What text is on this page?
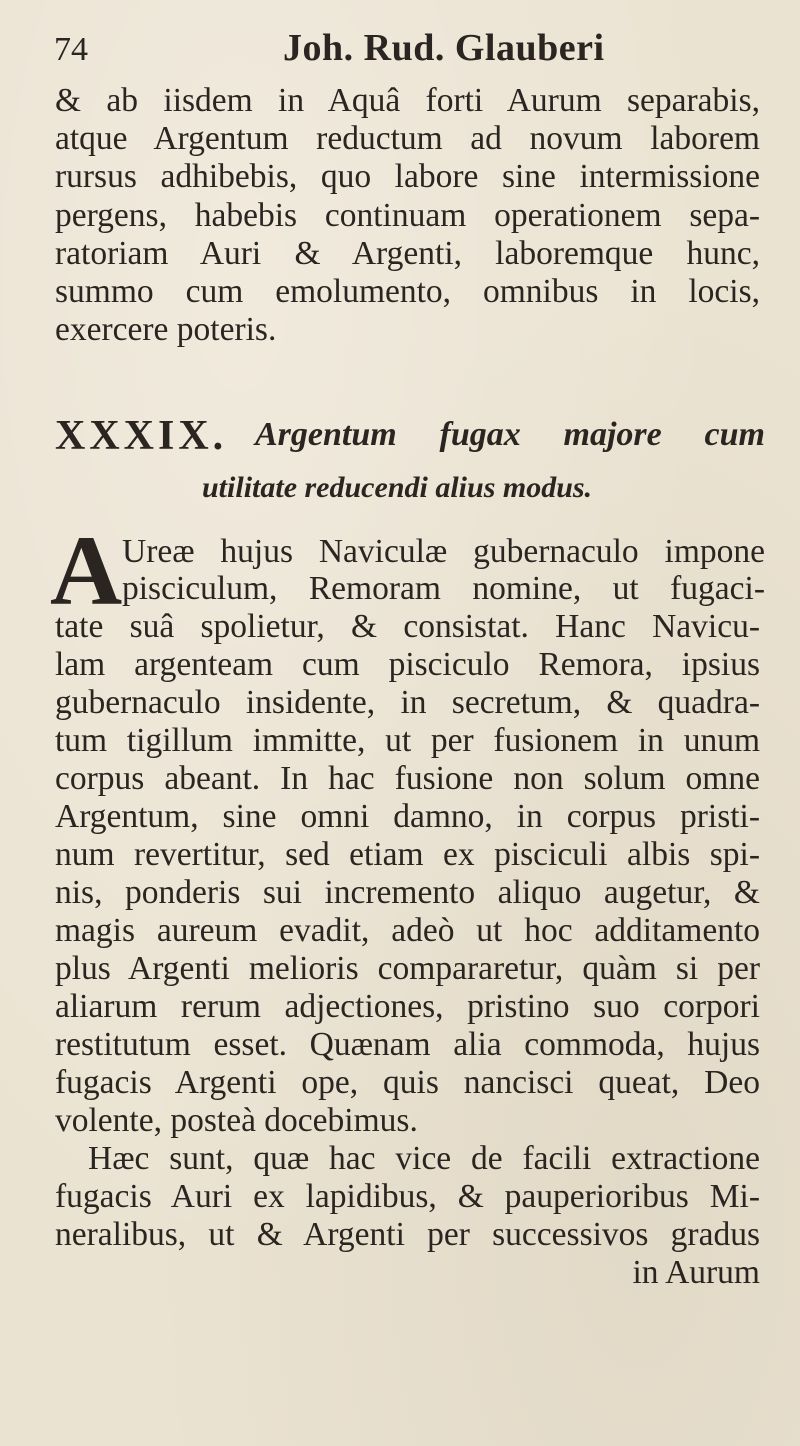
74	Joh. Rud. Glauberi
& ab iisdem in Aquâ forti Aurum separabis,
atque Argentum reductum ad novum laborem
rursus adhibebis, quo labore sine intermissione
pergens, habebis continuam operationem sepa-
ratoriam Auri & Argenti, laboremque hunc,
summo cum emolumento, omnibus in locis,
exercere poteris.
XXXIX. Argentum fugax majore cum
utilitate reducendi alius modus.
A Ureæ hujus Naviculæ gubernaculo impone
pisciculum, Remoram nomine, ut fugaci-
tate suâ spolietur, & consistat. Hanc Navicu-
lam argenteam cum pisciculo Remora, ipsius
gubernaculo insidente, in secretum, & quadra-
tum tigillum immitte, ut per fusionem in unum
corpus abeant. In hac fusione non solum omne
Argentum, sine omni damno, in corpus pristi-
num revertitur, sed etiam ex pisciculi albis spi-
nis, ponderis sui incremento aliquo augetur, &
magis aureum evadit, adeò ut hoc additamento
plus Argenti melioris compararetur, quàm si per
aliarum rerum adjectiones, pristino suo corpori
restitutum esset. Quænam alia commoda, hujus
fugacis Argenti ope, quis nancisci queat, Deo
volente, posteà docebimus.
Hæc sunt, quæ hac vice de facili extractione
fugacis Auri ex lapidibus, & pauperioribus Mi-
neralibus, ut & Argenti per successivos gradus
in Aurum
